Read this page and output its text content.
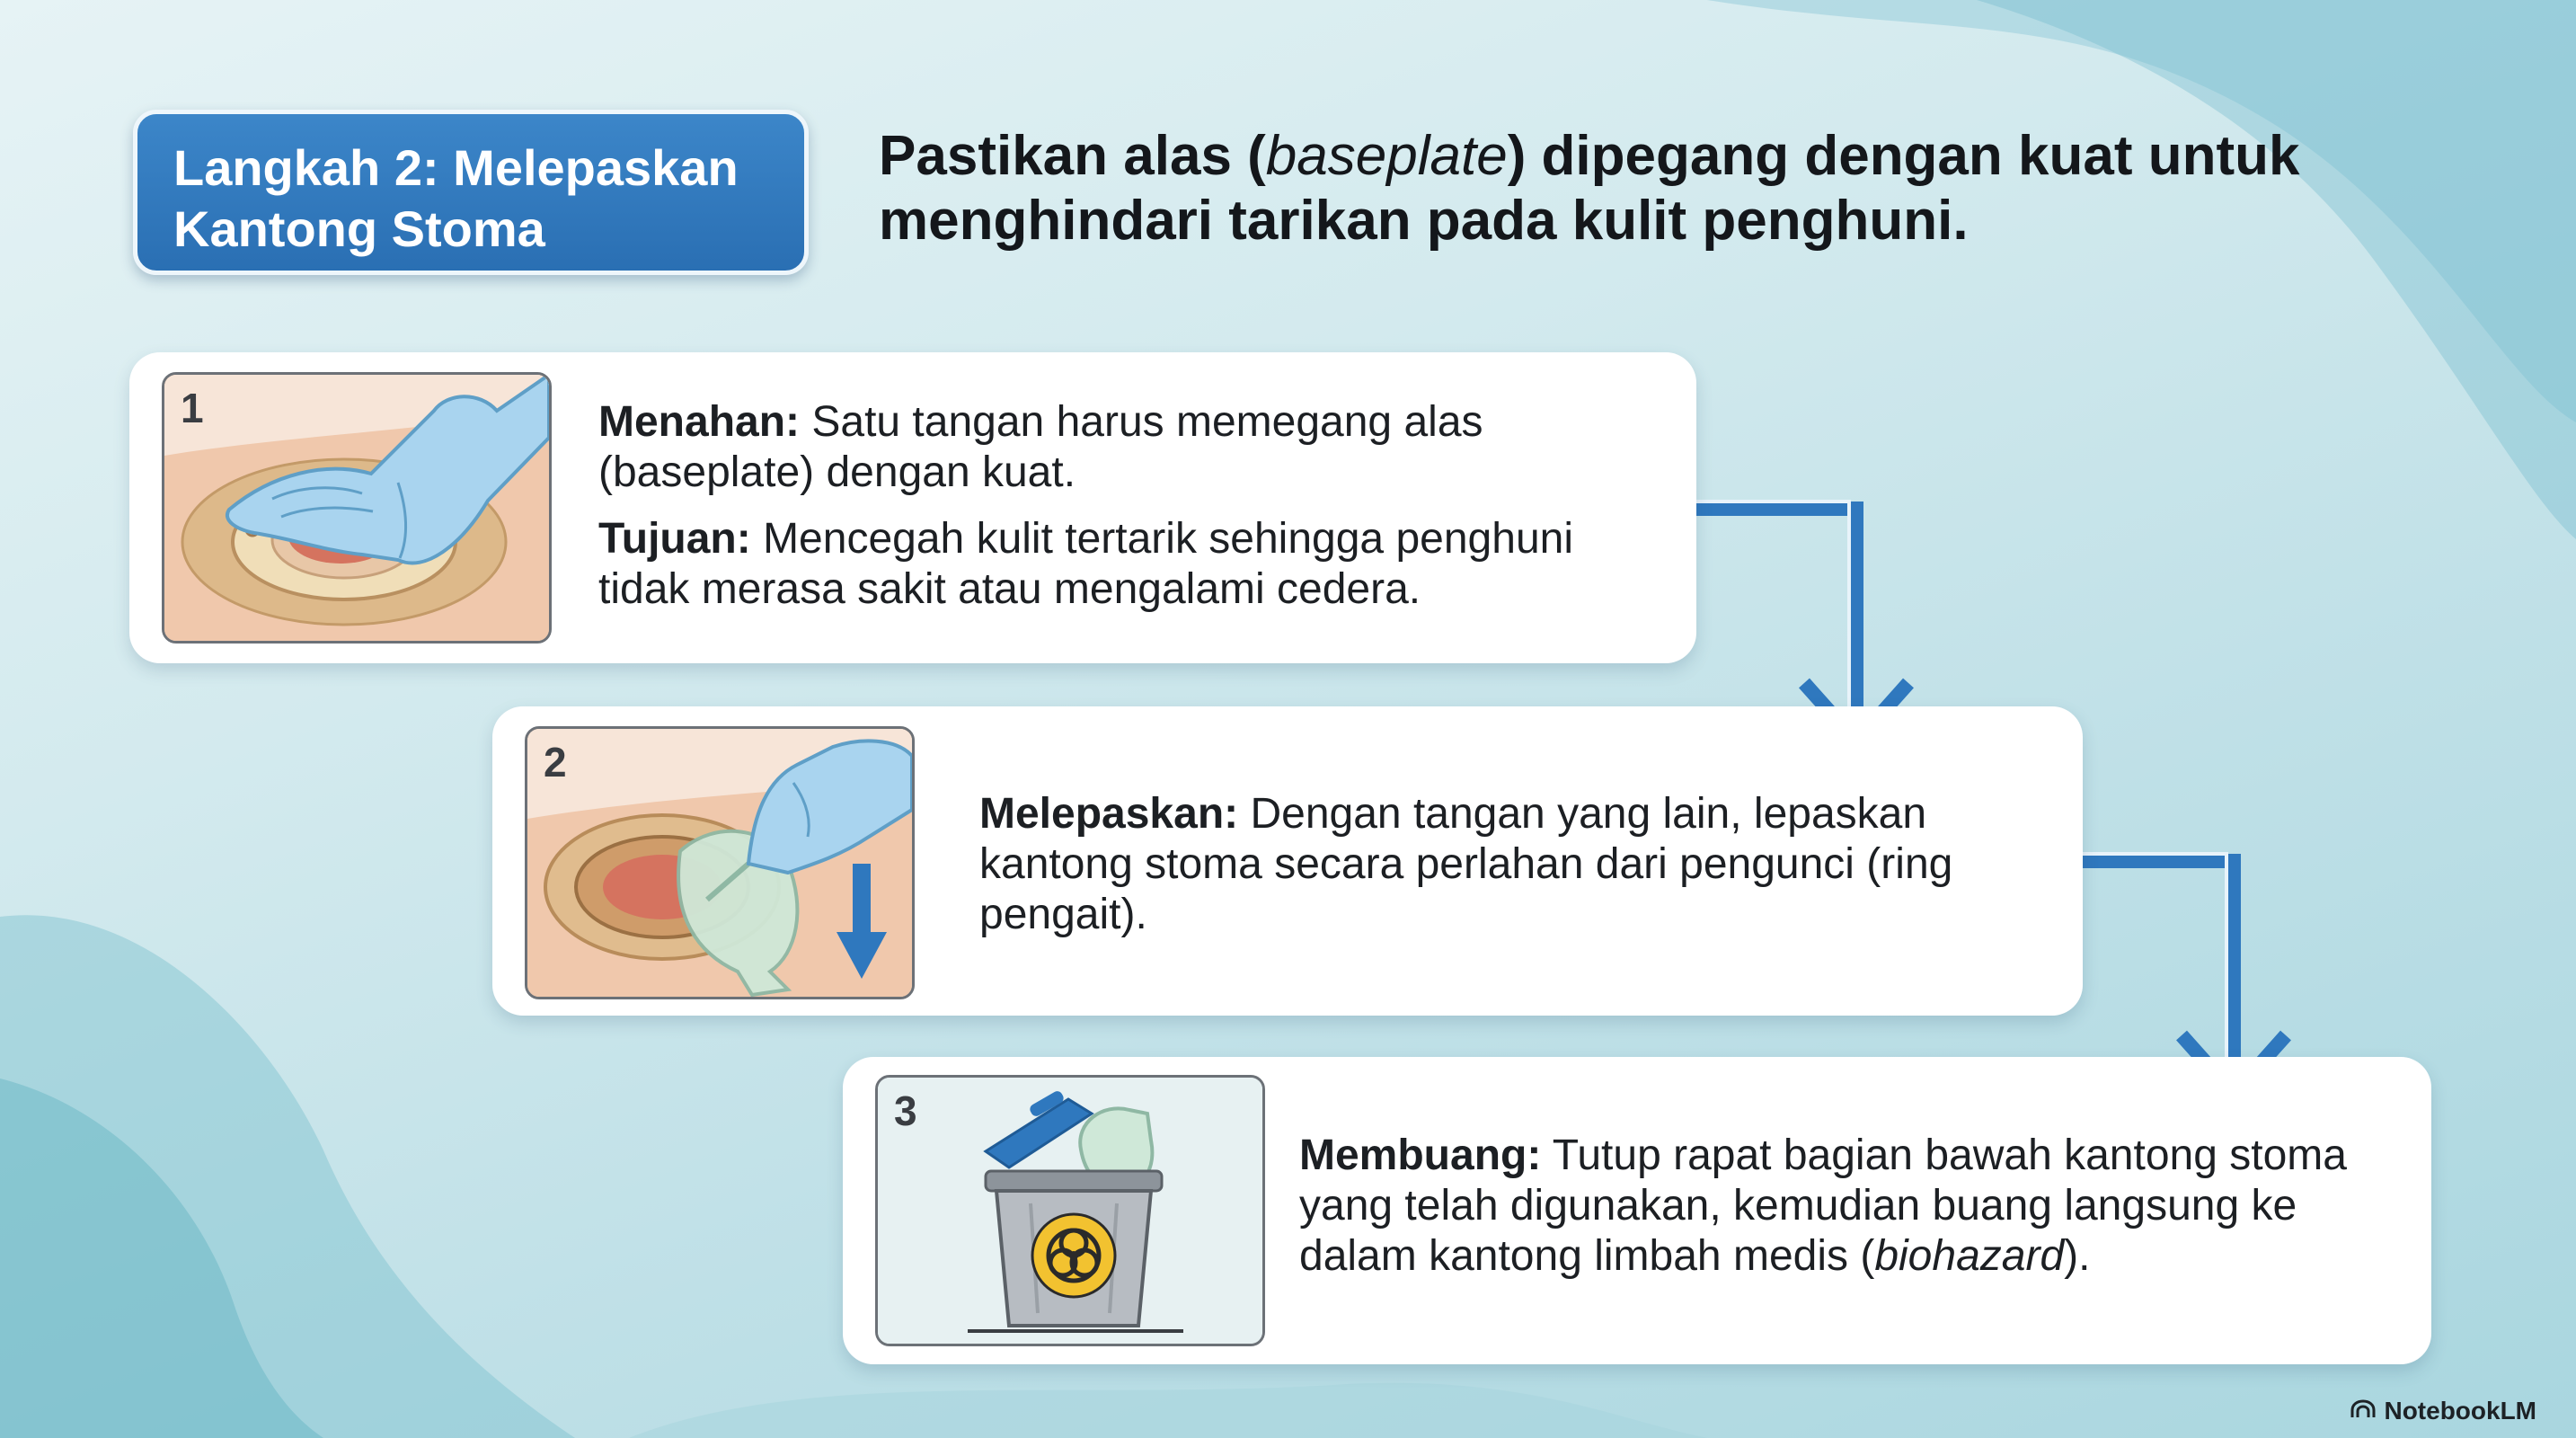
Langkah 2: Melepaskan
Kantong Stoma
Pastikan alas (baseplate) dipegang dengan kuat untuk menghindari tarikan pada kulit penghuni.
1	Menahan: Satu tangan harus memegang alas (baseplate) dengan kuat.

Tujuan: Mencegah kulit tertarik sehingga penghuni tidak merasa sakit atau mengalami cedera.

2

Melepaskan: Dengan tangan yang lain, lepaskan kantong stoma secara perlahan dari pengunci (ring pengait).

3

Membuang: Tutup rapat bagian bawah kantong stoma yang telah digunakan, kemudian buang langsung ke dalam kantong limbah medis (biohazard).

NotebookLM
